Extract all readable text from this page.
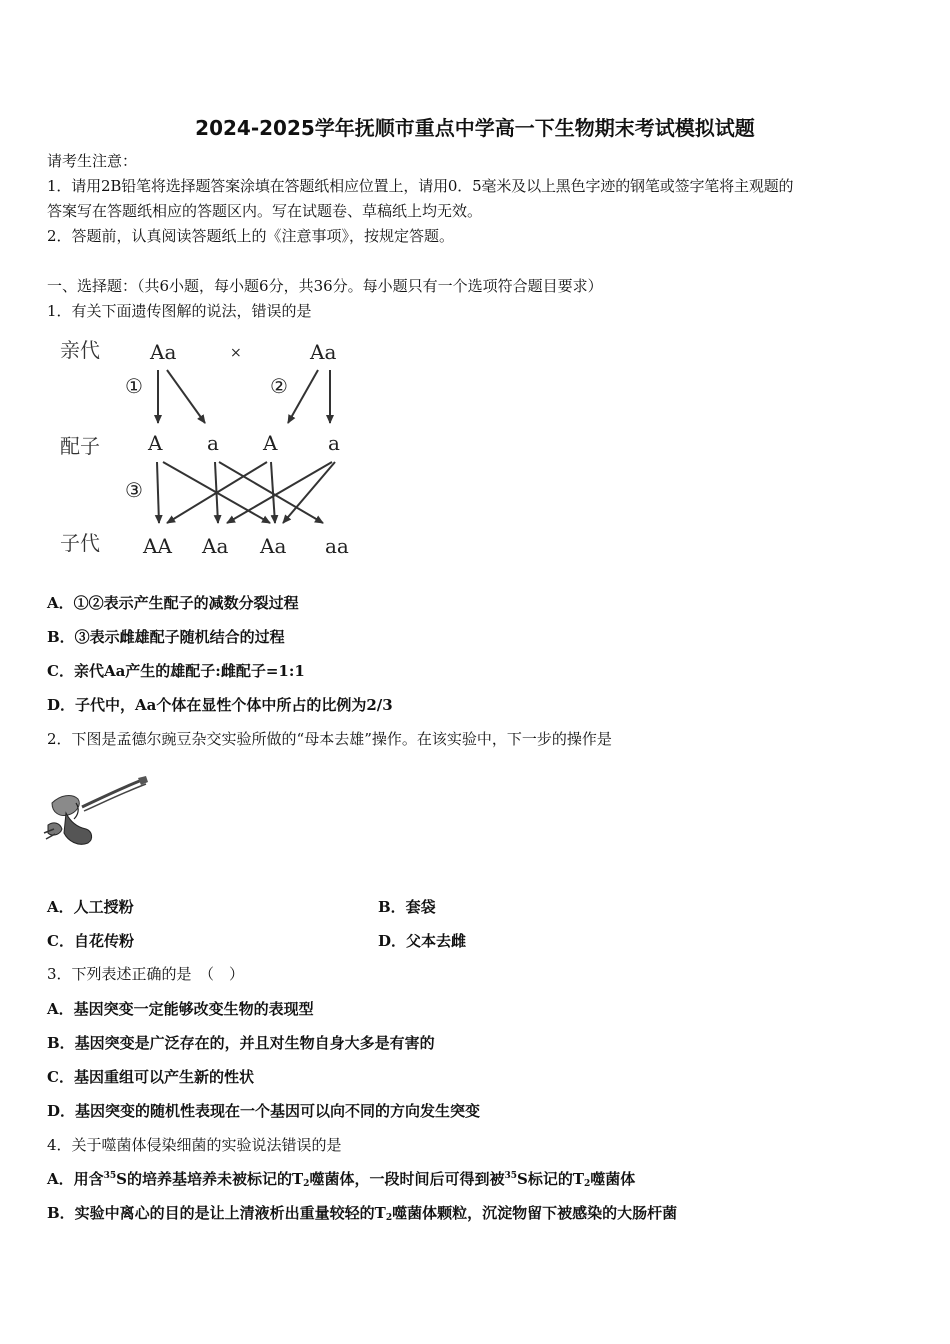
2024-2025学年抚顺市重点中学高一下生物期末考试模拟试题
请考生注意：
1．请用2B铅笔将选择题答案涂填在答题纸相应位置上，请用0．5毫米及以上黑色字迹的钢笔或签字笔将主观题的
答案写在答题纸相应的答题区内。写在试题卷、草稿纸上均无效。
2．答题前，认真阅读答题纸上的《注意事项》，按规定答题。
一、选择题：（共6小题，每小题6分，共36分。每小题只有一个选项符合题目要求）
1．有关下面遗传图解的说法，错误的是
亲代	Aa	×	Aa
①	②
配子 A a A	a
③
子代 AA Aa Aa aa
A．①②表示产生配子的减数分裂过程
B．③表示雌雄配子随机结合的过程
C．亲代Aa产生的雄配子:雌配子=1:1
D．子代中，Aa个体在显性个体中所占的比例为2/3
2．下图是孟德尔豌豆杂交实验所做的“母本去雄”操作。在该实验中，下一步的操作是
A．人工授粉	B．套袋
C．自花传粉	D．父本去雌
3．下列表述正确的是　（　）
A．基因突变一定能够改变生物的表现型
B．基因突变是广泛存在的，并且对生物自身大多是有害的
C．基因重组可以产生新的性状
D．基因突变的随机性表现在一个基因可以向不同的方向发生突变
4．关于噬菌体侵染细菌的实验说法错误的是
A．用含$^{35}$S的培养基培养未被标记的$T_2$噬菌体，一段时间后可得到被$^{35}$S标记的$T_2$噬菌体
B．实验中离心的目的是让上清液析出重量较轻的$T_2$噬菌体颗粒，沉淀物留下被感染的大肠杆菌
